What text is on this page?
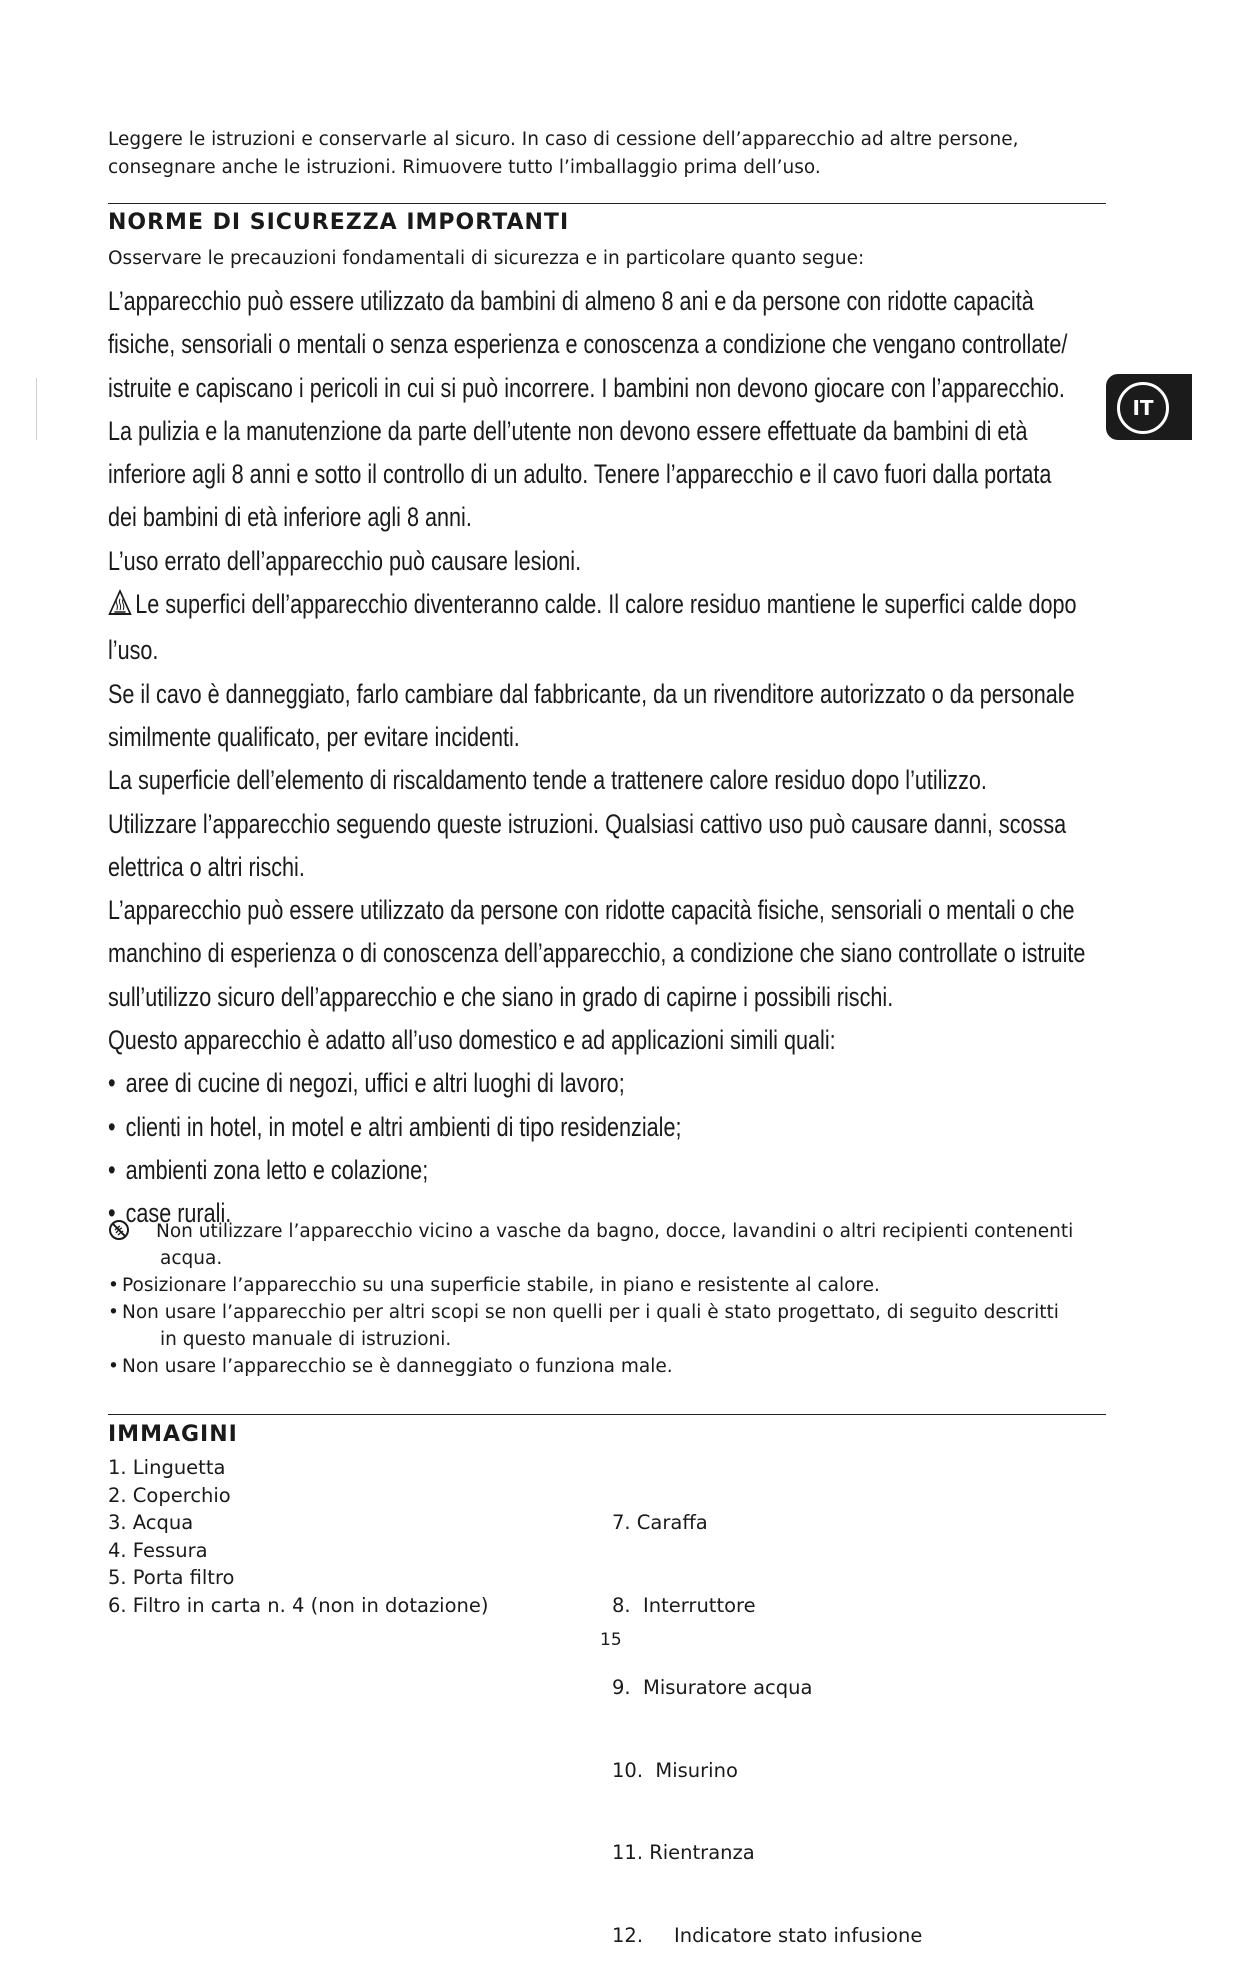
Leggere le istruzioni e conservarle al sicuro. In caso di cessione dell’apparecchio ad altre persone,
consegnare anche le istruzioni. Rimuovere tutto l’imballaggio prima dell’uso.
NORME DI SICUREZZA IMPORTANTI
Osservare le precauzioni fondamentali di sicurezza e in particolare quanto segue:

L’apparecchio può essere utilizzato da bambini di almeno 8 ani e da persone con ridotte capacità

fisiche, sensoriali o mentali o senza esperienza e conoscenza a condizione che vengano controllate/

istruite e capiscano i pericoli in cui si può incorrere. I bambini non devono giocare con l’apparecchio.

La pulizia e la manutenzione da parte dell’utente non devono essere effettuate da bambini di età

inferiore agli 8 anni e sotto il controllo di un adulto. Tenere l’apparecchio e il cavo fuori dalla portata

dei bambini di età inferiore agli 8 anni.

L’uso errato dell’apparecchio può causare lesioni.

Le superfici dell’apparecchio diventeranno calde. Il calore residuo mantiene le superfici calde dopo

l’uso.

Se il cavo è danneggiato, farlo cambiare dal fabbricante, da un rivenditore autorizzato o da personale

similmente qualificato, per evitare incidenti.

La superficie dell’elemento di riscaldamento tende a trattenere calore residuo dopo l’utilizzo.

Utilizzare l’apparecchio seguendo queste istruzioni. Qualsiasi cattivo uso può causare danni, scossa

elettrica o altri rischi.

L’apparecchio può essere utilizzato da persone con ridotte capacità fisiche, sensoriali o mentali o che

manchino di esperienza o di conoscenza dell’apparecchio, a condizione che siano controllate o istruite

sull’utilizzo sicuro dell’apparecchio e che siano in grado di capirne i possibili rischi.

Questo apparecchio è adatto all’uso domestico e ad applicazioni simili quali:

• aree di cucine di negozi, uffici e altri luoghi di lavoro;

• clienti in hotel, in motel e altri ambienti di tipo residenziale;

• ambienti zona letto e colazione;

• case rurali.

Non utilizzare l’apparecchio vicino a vasche da bagno, docce, lavandini o altri recipienti contenenti

acqua.

• Posizionare l’apparecchio su una superficie stabile, in piano e resistente al calore.

• Non usare l’apparecchio per altri scopi se non quelli per i quali è stato progettato, di seguito descritti

in questo manuale di istruzioni.

• Non usare l’apparecchio se è danneggiato o funziona male.

IMMAGINI
1. Linguetta
2. Coperchio
3. Acqua
4. Fessura
5. Porta filtro
6. Filtro in carta n. 4 (non in dotazione)

7. Caraffa

8.  Interruttore

9.  Misuratore acqua

10.  Misurino

11. Rientranza

12.     Indicatore stato infusione

IT
15
